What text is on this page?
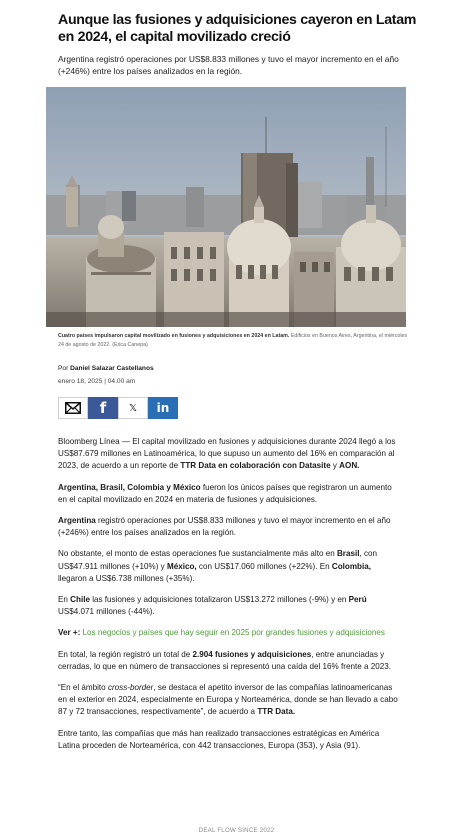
Aunque las fusiones y adquisiciones cayeron en Latam en 2024, el capital movilizado creció

Argentina registró operaciones por US$8.833 millones y tuvo el mayor incremento en el año (+246%) entre los países analizados en la región.

Cuatro países impulsaron capital movilizado en fusiones y adquisiciones en 2024 en Latam. Edificios en Buenos Aires, Argentina, el miércoles 24 de agosto de 2022. (Erica Canepa)

Por Daniel Salazar Castellanos
enero 18, 2025 | 04.00 am
f 𝕏 in

Bloomberg Línea — El capital movilizado en fusiones y adquisiciones durante 2024 llegó a los US$87.679 millones en Latinoamérica, lo que supuso un aumento del 16% en comparación al 2023, de acuerdo a un reporte de TTR Data en colaboración con Datasite y AON.

Argentina, Brasil, Colombia y México fueron los únicos países que registraron un aumento en el capital movilizado en 2024 en materia de fusiones y adquisiciones.

Argentina registró operaciones por US$8.833 millones y tuvo el mayor incremento en el año (+246%) entre los países analizados en la región.

No obstante, el monto de estas operaciones fue sustancialmente más alto en Brasil, con US$47.911 millones (+10%) y México, con US$17.060 millones (+22%). En Colombia, llegaron a US$6.738 millones (+35%).

En Chile las fusiones y adquisiciones totalizaron US$13.272 millones (-9%) y en Perú US$4.071 millones (-44%).

Ver +: Los negocios y países que hay seguir en 2025 por grandes fusiones y adquisiciones

En total, la región registró un total de 2.904 fusiones y adquisiciones, entre anunciadas y cerradas, lo que en número de transacciones si representó una caída del 16% frente a 2023.

“En el ámbito cross-border, se destaca el apetito inversor de las compañías latinoamericanas en el exterior en 2024, especialmente en Europa y Norteamérica, donde se han llevado a cabo 87 y 72 transacciones, respectivamente”, de acuerdo a TTR Data.

Entre tanto, las compañías que más han realizado transacciones estratégicas en América Latina proceden de Norteamérica, con 442 transacciones, Europa (353), y Asia (91).

DEAL FLOW SINCE 2022
